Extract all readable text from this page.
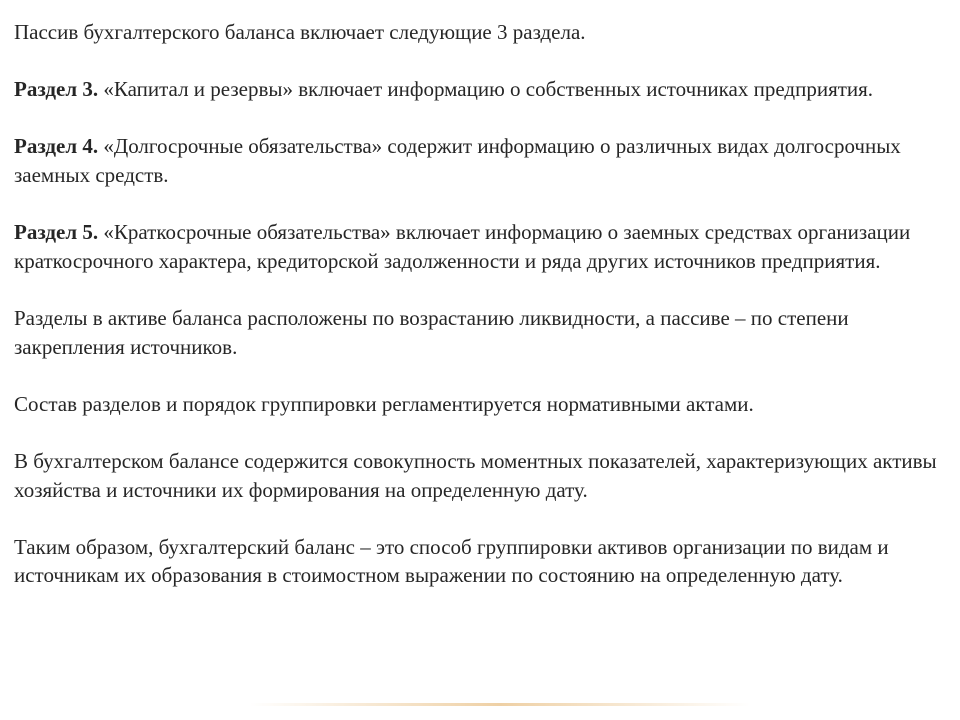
Пассив бухгалтерского баланса включает следующие 3 раздела.

Раздел 3. «Капитал и резервы» включает информацию о собственных источниках предприятия.

Раздел 4. «Долгосрочные обязательства» содержит информацию о различных видах долгосрочных заемных средств.

Раздел 5. «Краткосрочные обязательства» включает информацию о заемных средствах организации краткосрочного характера, кредиторской задолженности и ряда других источников предприятия.

Разделы в активе баланса расположены по возрастанию ликвидности, а пассиве – по степени закрепления источников.

Состав разделов и порядок группировки регламентируется нормативными актами.

В бухгалтерском балансе содержится совокупность моментных показателей, характеризующих активы хозяйства и источники их формирования на определенную дату.

Таким образом, бухгалтерский баланс – это способ группировки активов организации по видам и источникам их образования в стоимостном выражении по состоянию на определенную дату.
